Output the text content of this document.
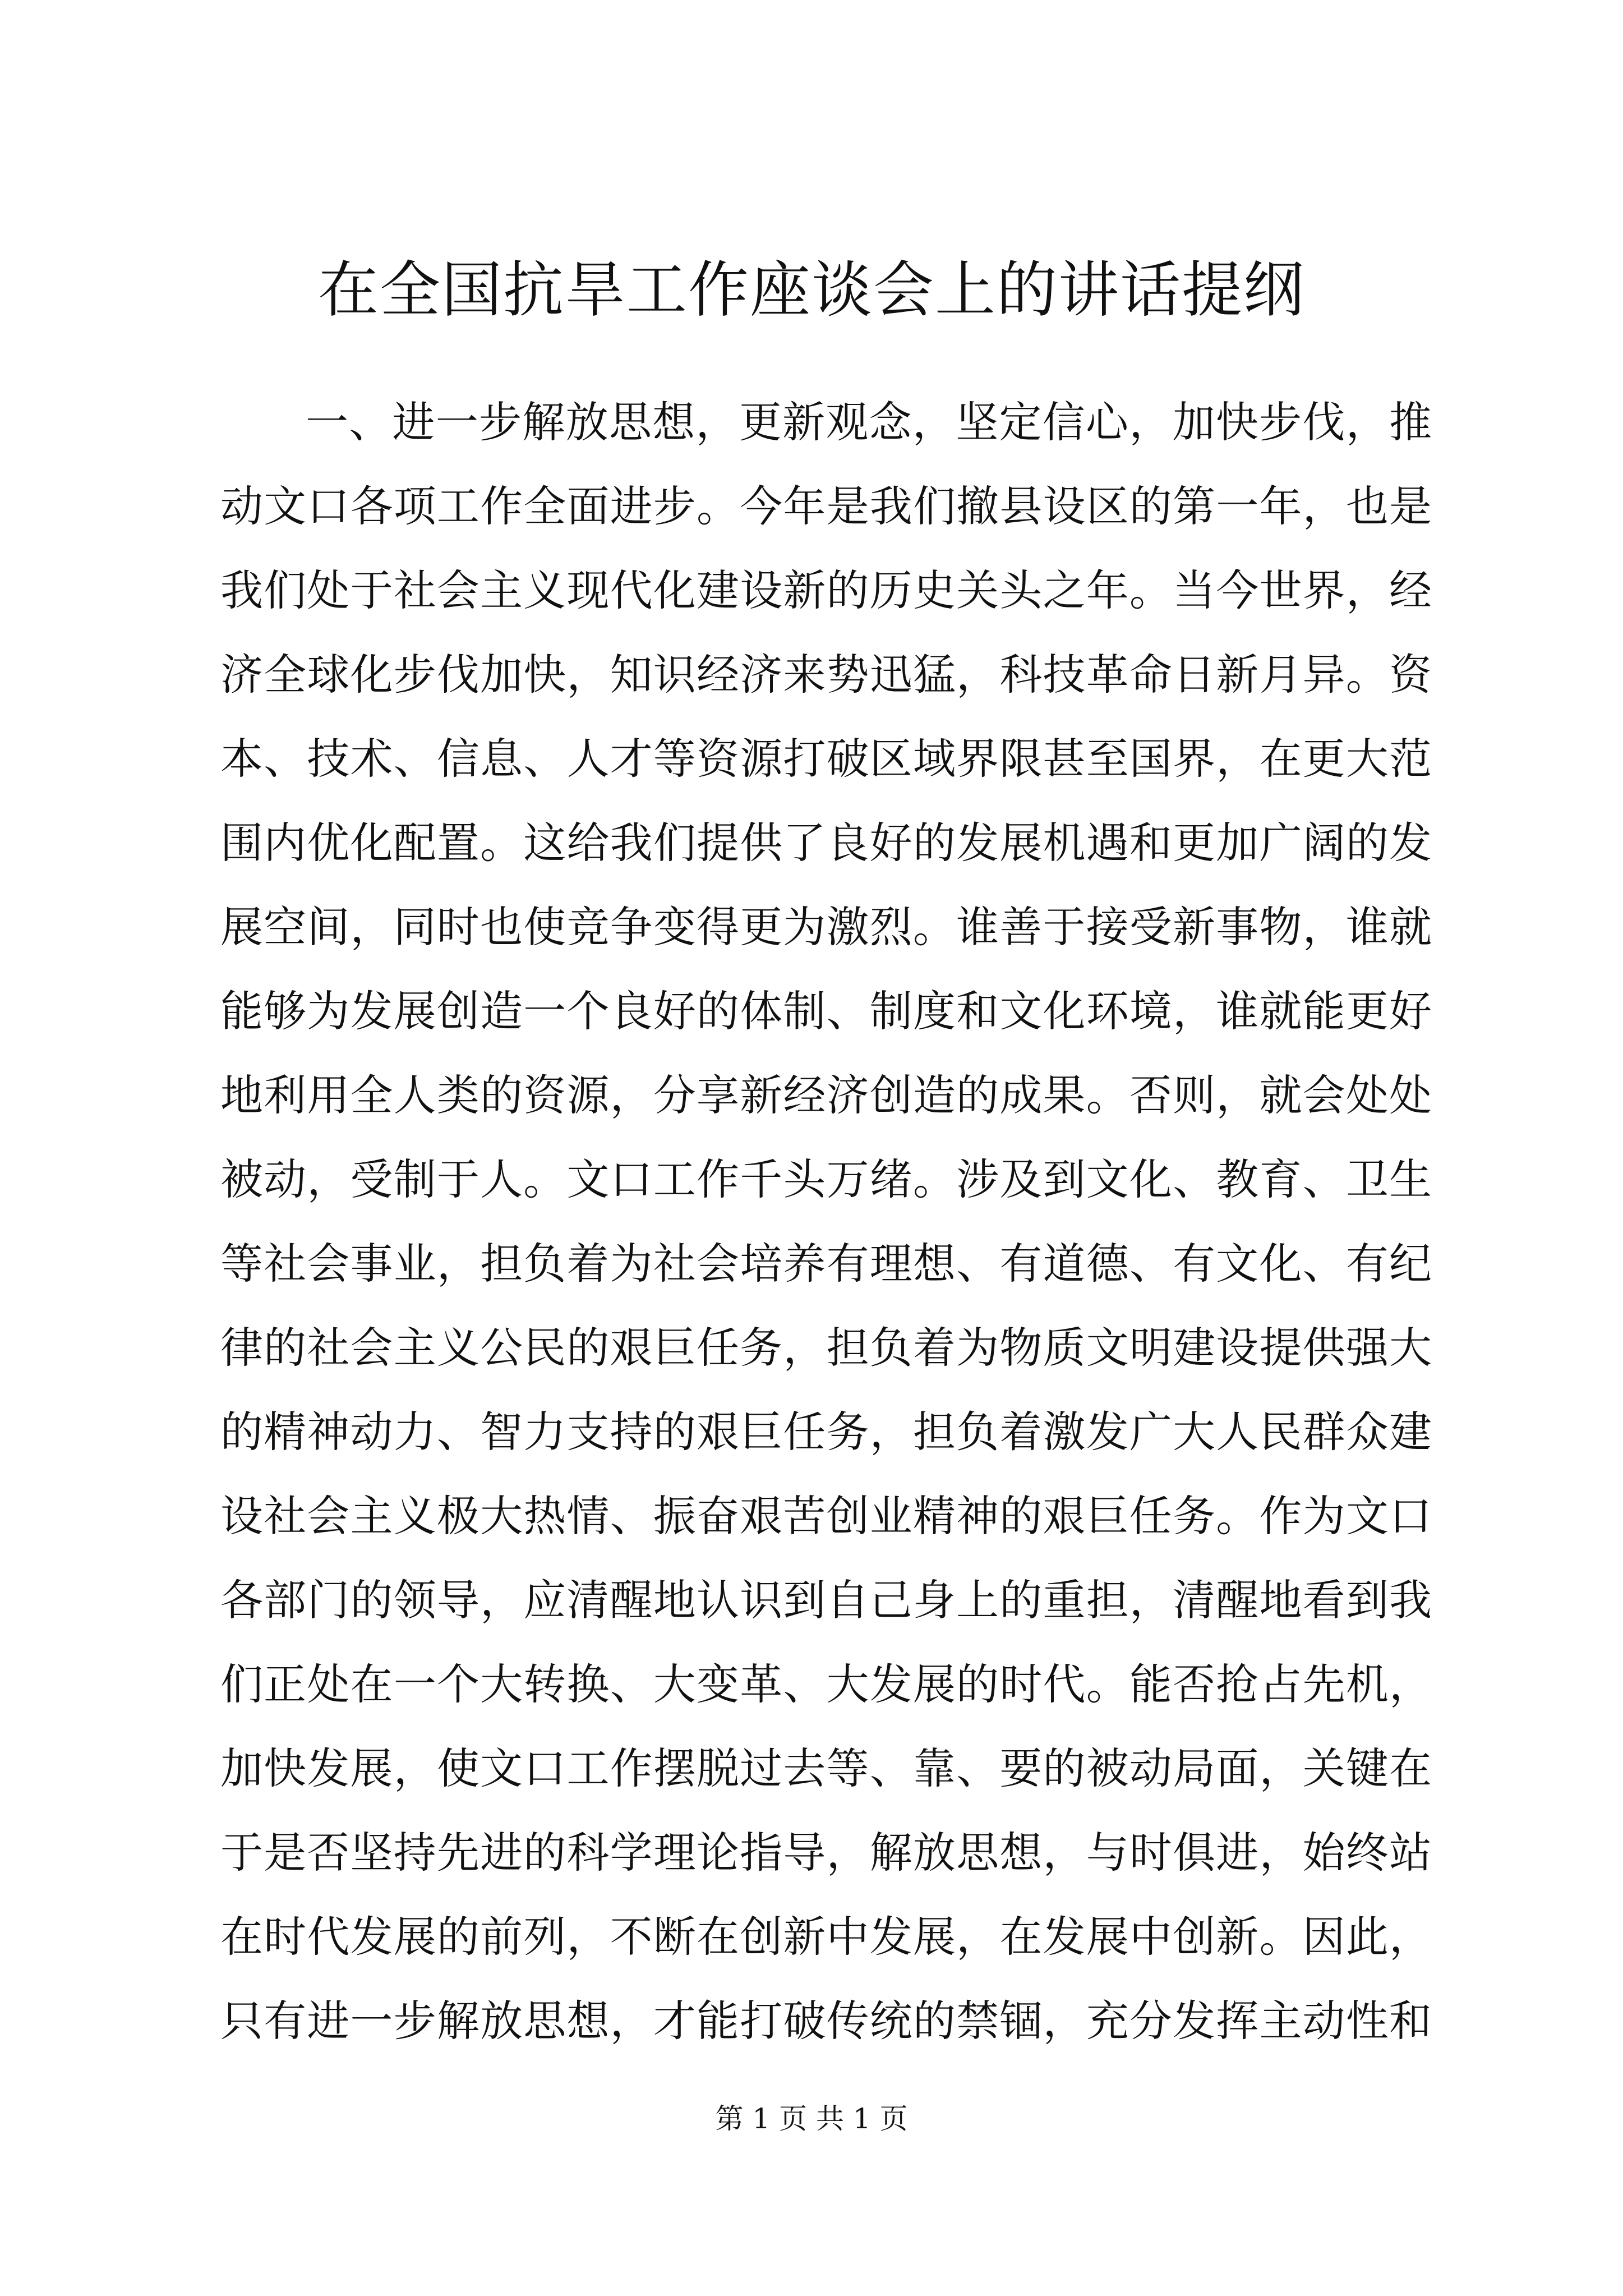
在全国抗旱工作座谈会上的讲话提纲
一、进一步解放思想，更新观念，坚定信心，加快步伐，推
动文口各项工作全面进步。今年是我们撤县设区的第一年，也是
我们处于社会主义现代化建设新的历史关头之年。当今世界，经
济全球化步伐加快，知识经济来势迅猛，科技革命日新月异。资
本、技术、信息、人才等资源打破区域界限甚至国界，在更大范
围内优化配置。这给我们提供了良好的发展机遇和更加广阔的发
展空间，同时也使竞争变得更为激烈。谁善于接受新事物，谁就
能够为发展创造一个良好的体制、制度和文化环境，谁就能更好
地利用全人类的资源，分享新经济创造的成果。否则，就会处处
被动，受制于人。文口工作千头万绪。涉及到文化、教育、卫生
等社会事业，担负着为社会培养有理想、有道德、有文化、有纪
律的社会主义公民的艰巨任务，担负着为物质文明建设提供强大
的精神动力、智力支持的艰巨任务，担负着激发广大人民群众建
设社会主义极大热情、振奋艰苦创业精神的艰巨任务。作为文口
各部门的领导，应清醒地认识到自己身上的重担，清醒地看到我
们正处在一个大转换、大变革、大发展的时代。能否抢占先机，
加快发展，使文口工作摆脱过去等、靠、要的被动局面，关键在
于是否坚持先进的科学理论指导，解放思想，与时俱进，始终站
在时代发展的前列，不断在创新中发展，在发展中创新。因此，
只有进一步解放思想，才能打破传统的禁锢，充分发挥主动性和
第 1 页 共 1 页
